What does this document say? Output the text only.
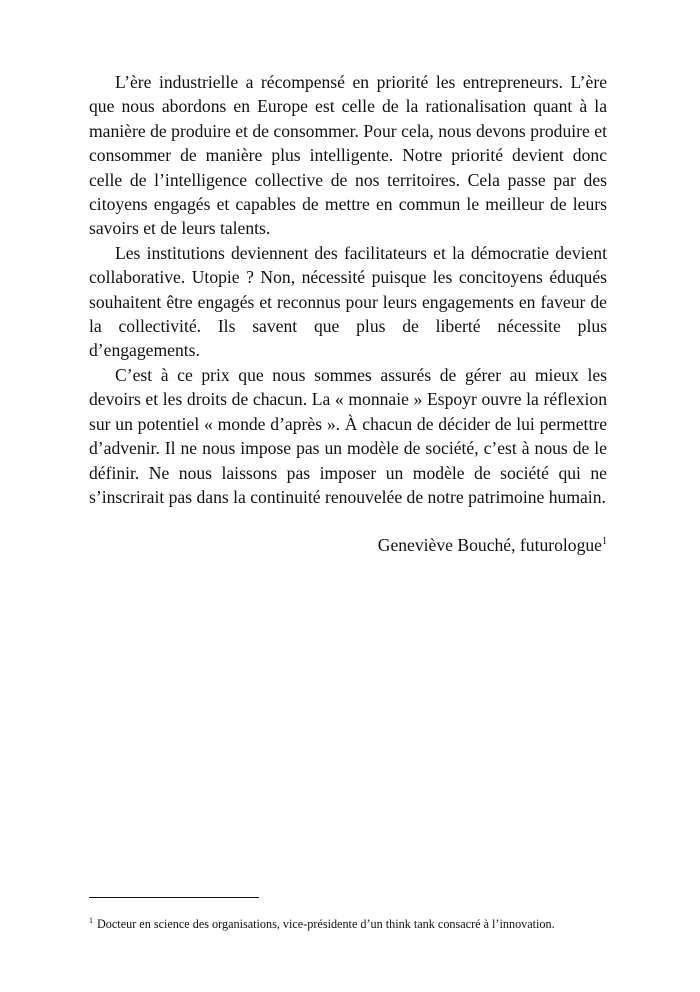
L’ère industrielle a récompensé en priorité les entrepreneurs. L’ère que nous abordons en Europe est celle de la rationalisation quant à la manière de produire et de consommer. Pour cela, nous devons produire et consommer de manière plus intelligente. Notre priorité devient donc celle de l’intelligence collective de nos territoires. Cela passe par des citoyens engagés et capables de mettre en commun le meilleur de leurs savoirs et de leurs talents.

Les institutions deviennent des facilitateurs et la démocratie devient collaborative. Utopie ? Non, nécessité puisque les concitoyens éduqués souhaitent être engagés et reconnus pour leurs engagements en faveur de la collectivité. Ils savent que plus de liberté nécessite plus d’engagements.

C’est à ce prix que nous sommes assurés de gérer au mieux les devoirs et les droits de chacun. La « monnaie » Espoyr ouvre la réflexion sur un potentiel « monde d’après ». À chacun de décider de lui permettre d’advenir. Il ne nous impose pas un modèle de société, c’est à nous de le définir. Ne nous laissons pas imposer un modèle de société qui ne s’inscrirait pas dans la continuité renouvelée de notre patrimoine humain.

Geneviève Bouché, futurologue$^1$

$^1$ Docteur en science des organisations, vice-présidente d’un think tank consacré à l’innovation.
